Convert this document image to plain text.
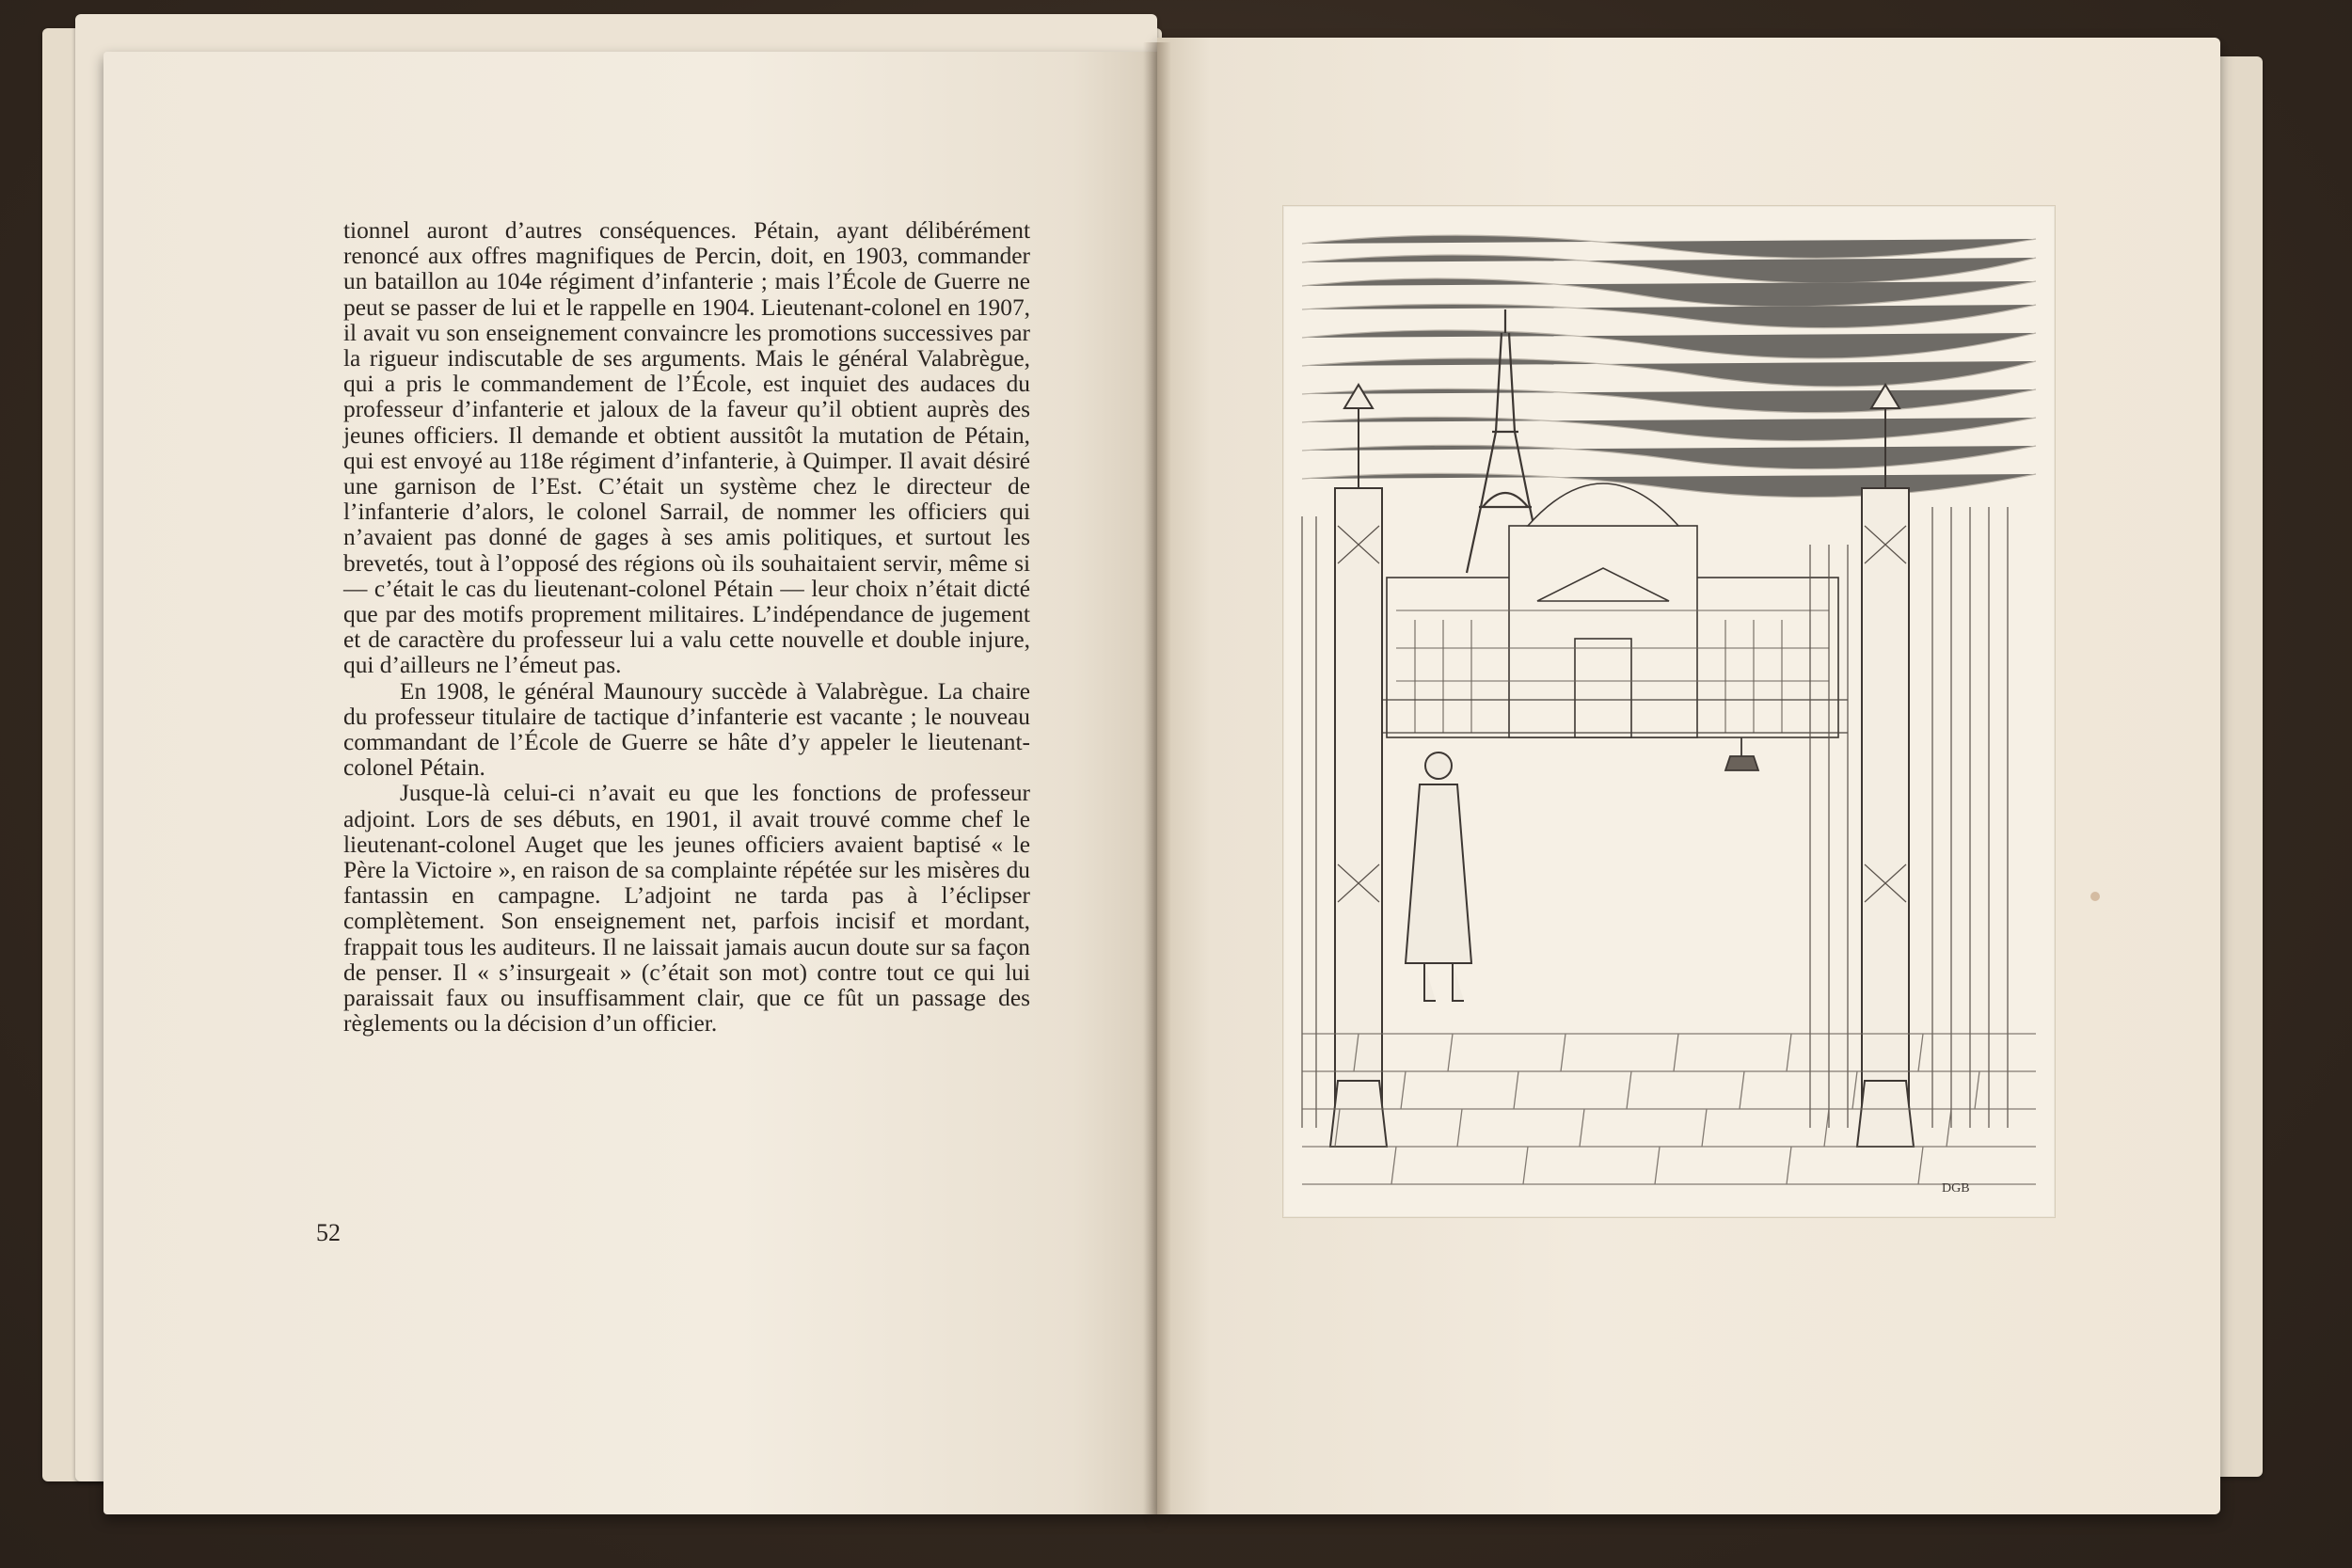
tionnel auront d’autres conséquences. Pétain, ayant délibérément renoncé aux offres magnifiques de Percin, doit, en 1903, commander un bataillon au 104e régiment d’infanterie ; mais l’École de Guerre ne peut se passer de lui et le rappelle en 1904. Lieutenant-colonel en 1907, il avait vu son enseignement convaincre les promotions successives par la rigueur indiscutable de ses arguments. Mais le général Valabrègue, qui a pris le commandement de l’École, est inquiet des audaces du professeur d’infanterie et jaloux de la faveur qu’il obtient auprès des jeunes officiers. Il demande et obtient aussitôt la mutation de Pétain, qui est envoyé au 118e régiment d’infanterie, à Quimper. Il avait désiré une garnison de l’Est. C’était un système chez le directeur de l’infanterie d’alors, le colonel Sarrail, de nommer les officiers qui n’avaient pas donné de gages à ses amis politiques, et surtout les brevetés, tout à l’opposé des régions où ils souhaitaient servir, même si — c’était le cas du lieutenant-colonel Pétain — leur choix n’était dicté que par des motifs proprement militaires. L’indépendance de jugement et de caractère du professeur lui a valu cette nouvelle et double injure, qui d’ailleurs ne l’émeut pas.

En 1908, le général Maunoury succède à Valabrègue. La chaire du professeur titulaire de tactique d’infanterie est vacante ; le nouveau commandant de l’École de Guerre se hâte d’y appeler le lieutenant-colonel Pétain.

Jusque-là celui-ci n’avait eu que les fonctions de professeur adjoint. Lors de ses débuts, en 1901, il avait trouvé comme chef le lieutenant-colonel Auget que les jeunes officiers avaient baptisé « le Père la Victoire », en raison de sa complainte répétée sur les misères du fantassin en campagne. L’adjoint ne tarda pas à l’éclipser complètement. Son enseignement net, parfois incisif et mordant, frappait tous les auditeurs. Il ne laissait jamais aucun doute sur sa façon de penser. Il « s’insurgeait » (c’était son mot) contre tout ce qui lui paraissait faux ou insuffisamment clair, que ce fût un passage des règlements ou la décision d’un officier.

52
DGB
